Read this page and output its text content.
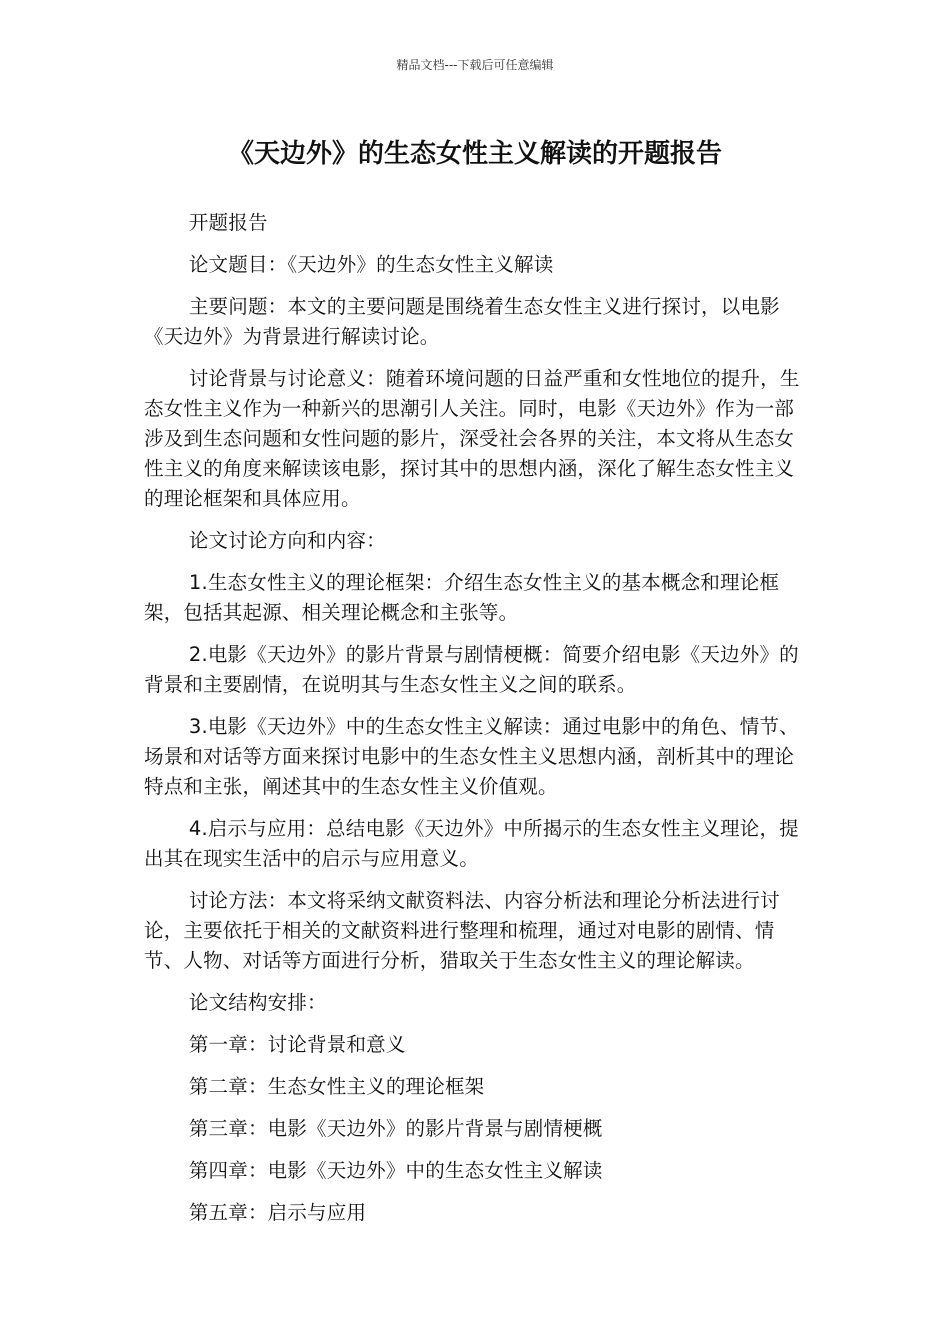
精品文档---下载后可任意编辑
《天边外》的生态女性主义解读的开题报告

开题报告

论文题目：《天边外》的生态女性主义解读

主要问题：本文的主要问题是围绕着生态女性主义进行探讨，以电影《天边外》为背景进行解读讨论。

讨论背景与讨论意义：随着环境问题的日益严重和女性地位的提升，生态女性主义作为一种新兴的思潮引人关注。同时，电影《天边外》作为一部涉及到生态问题和女性问题的影片，深受社会各界的关注，本文将从生态女性主义的角度来解读该电影，探讨其中的思想内涵，深化了解生态女性主义的理论框架和具体应用。

论文讨论方向和内容：

1.生态女性主义的理论框架：介绍生态女性主义的基本概念和理论框架，包括其起源、相关理论概念和主张等。

2.电影《天边外》的影片背景与剧情梗概：简要介绍电影《天边外》的背景和主要剧情，在说明其与生态女性主义之间的联系。

3.电影《天边外》中的生态女性主义解读：通过电影中的角色、情节、场景和对话等方面来探讨电影中的生态女性主义思想内涵，剖析其中的理论特点和主张，阐述其中的生态女性主义价值观。

4.启示与应用：总结电影《天边外》中所揭示的生态女性主义理论，提出其在现实生活中的启示与应用意义。

讨论方法：本文将采纳文献资料法、内容分析法和理论分析法进行讨论，主要依托于相关的文献资料进行整理和梳理，通过对电影的剧情、情节、人物、对话等方面进行分析，猎取关于生态女性主义的理论解读。

论文结构安排：

第一章：讨论背景和意义

第二章：生态女性主义的理论框架

第三章：电影《天边外》的影片背景与剧情梗概

第四章：电影《天边外》中的生态女性主义解读

第五章：启示与应用
